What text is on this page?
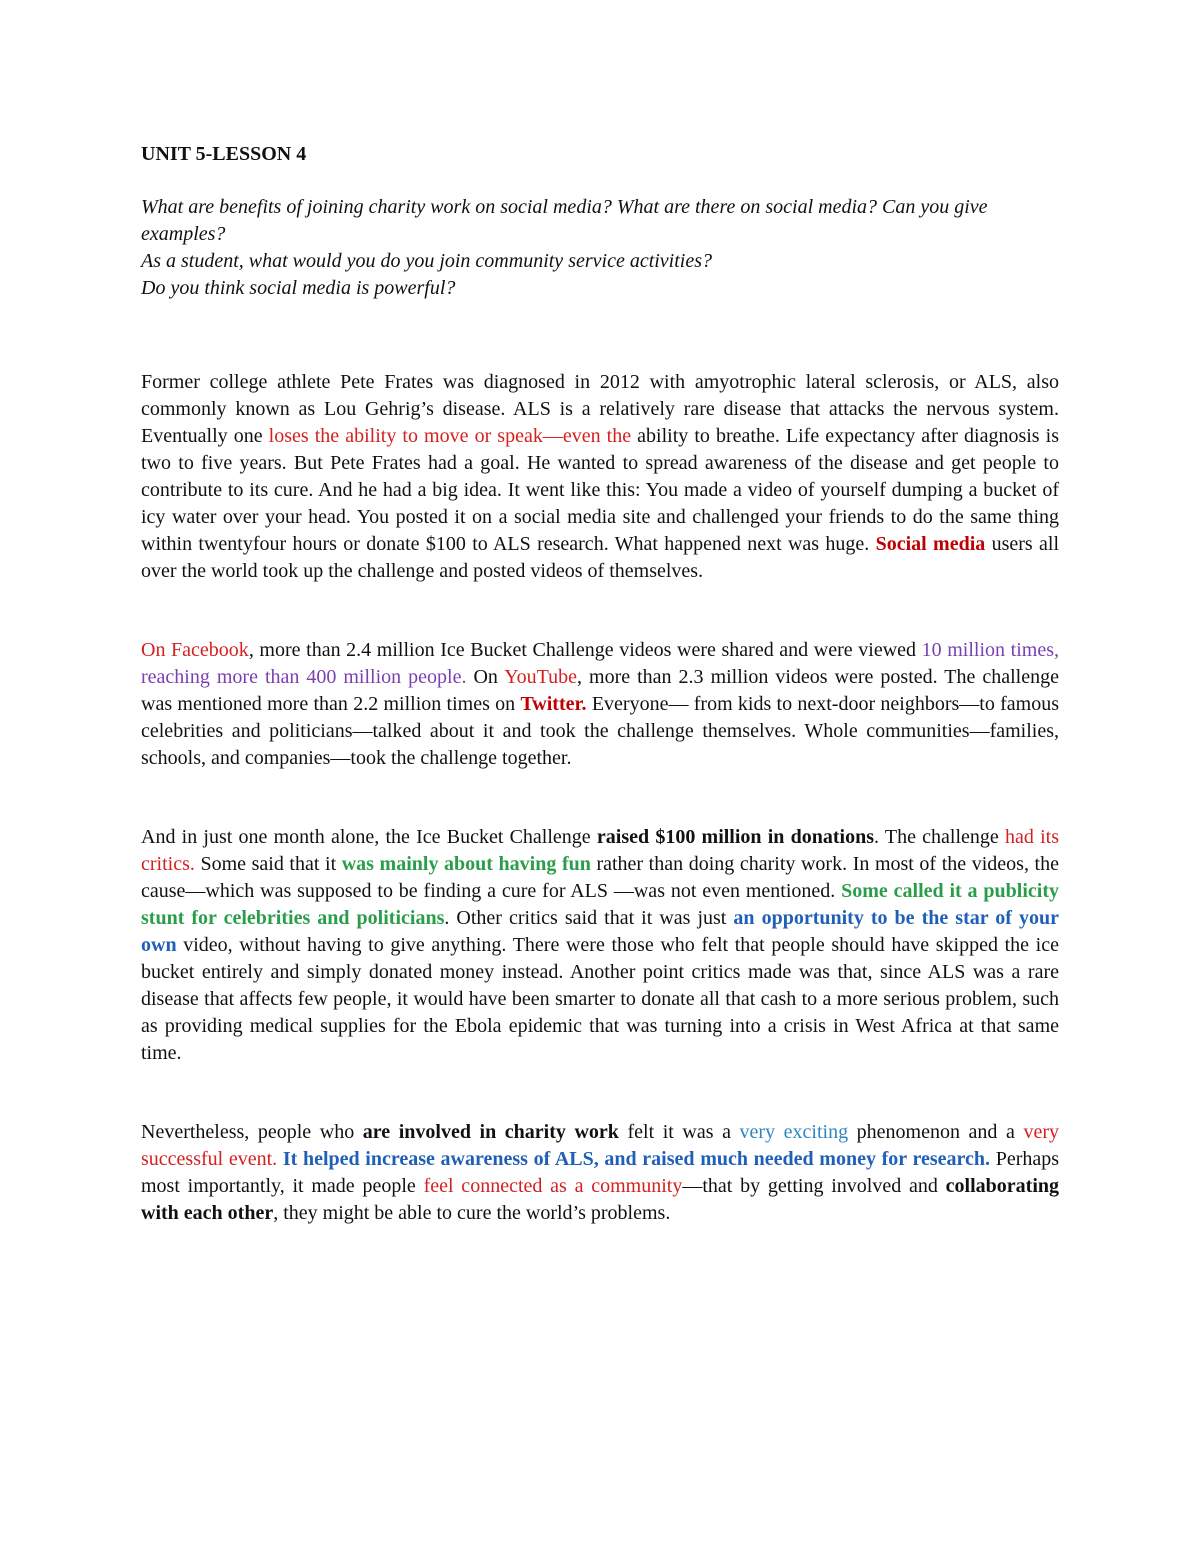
UNIT 5-LESSON 4
What are benefits of joining charity work on social media? What are there on social media? Can you give examples?
As a student, what would you do you join community service activities?
Do you think social media is powerful?

Former college athlete Pete Frates was diagnosed in 2012 with amyotrophic lateral sclerosis, or ALS, also commonly known as Lou Gehrig’s disease. ALS is a relatively rare disease that attacks the nervous system. Eventually one loses the ability to move or speak—even the ability to breathe. Life expectancy after diagnosis is two to five years. But Pete Frates had a goal. He wanted to spread awareness of the disease and get people to contribute to its cure. And he had a big idea. It went like this: You made a video of yourself dumping a bucket of icy water over your head. You posted it on a social media site and challenged your friends to do the same thing within twentyfour hours or donate $100 to ALS research. What happened next was huge. Social media users all over the world took up the challenge and posted videos of themselves.

On Facebook, more than 2.4 million Ice Bucket Challenge videos were shared and were viewed 10 million times, reaching more than 400 million people. On YouTube, more than 2.3 million videos were posted. The challenge was mentioned more than 2.2 million times on Twitter. Everyone— from kids to next-door neighbors—to famous celebrities and politicians—talked about it and took the challenge themselves. Whole communities—families, schools, and companies—took the challenge together.

And in just one month alone, the Ice Bucket Challenge raised $100 million in donations. The challenge had its critics. Some said that it was mainly about having fun rather than doing charity work. In most of the videos, the cause—which was supposed to be finding a cure for ALS —was not even mentioned. Some called it a publicity stunt for celebrities and politicians. Other critics said that it was just an opportunity to be the star of your own video, without having to give anything. There were those who felt that people should have skipped the ice bucket entirely and simply donated money instead. Another point critics made was that, since ALS was a rare disease that affects few people, it would have been smarter to donate all that cash to a more serious problem, such as providing medical supplies for the Ebola epidemic that was turning into a crisis in West Africa at that same time.

Nevertheless, people who are involved in charity work felt it was a very exciting phenomenon and a very successful event. It helped increase awareness of ALS, and raised much needed money for research. Perhaps most importantly, it made people feel connected as a community—that by getting involved and collaborating with each other, they might be able to cure the world’s problems.
